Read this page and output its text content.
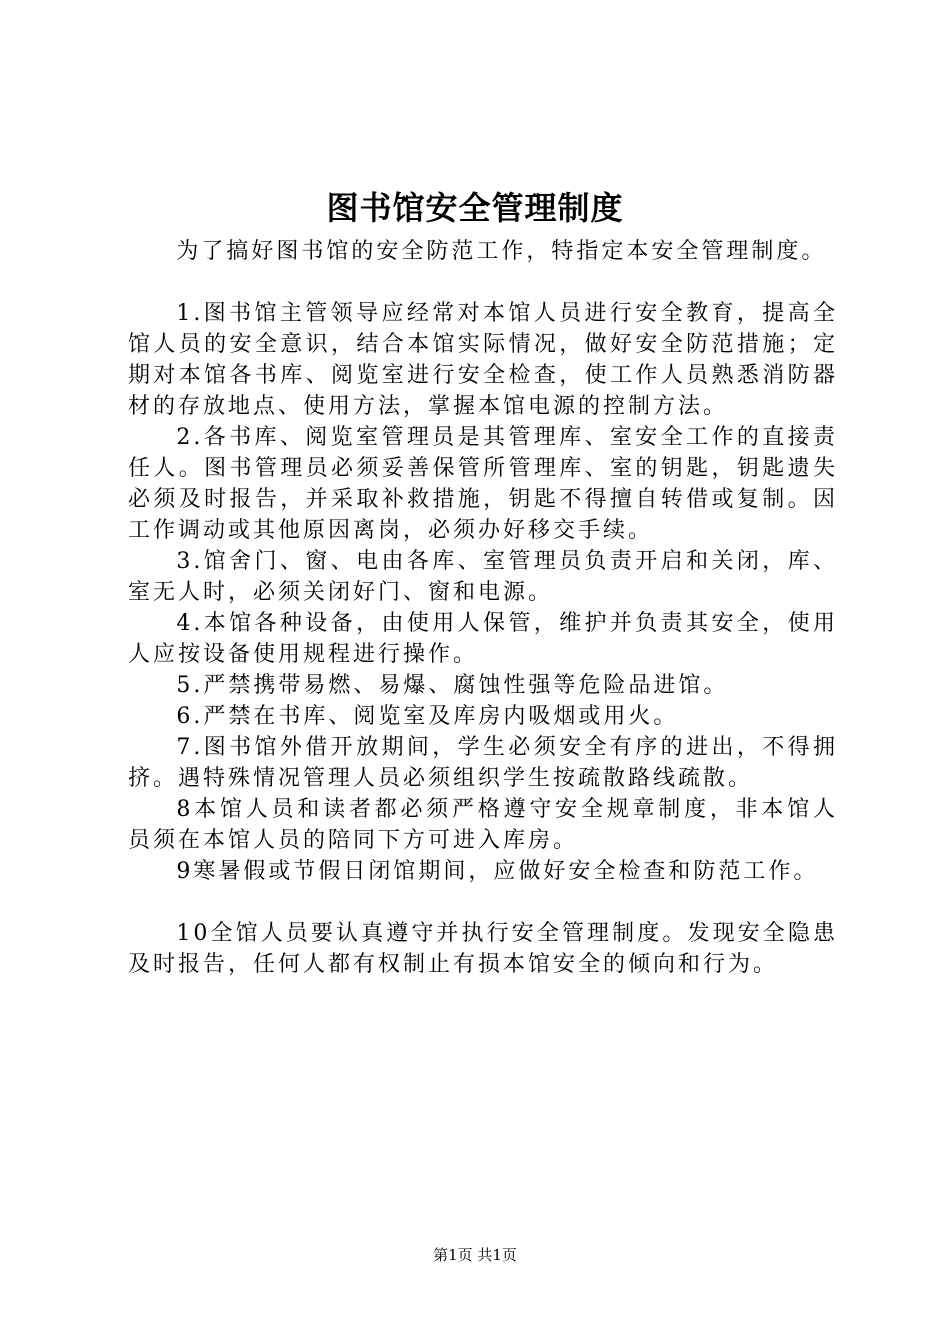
图书馆安全管理制度

为了搞好图书馆的安全防范工作，特指定本安全管理制度。

1.图书馆主管领导应经常对本馆人员进行安全教育，提高全馆人员的安全意识，结合本馆实际情况，做好安全防范措施；定期对本馆各书库、阅览室进行安全检查，使工作人员熟悉消防器材的存放地点、使用方法，掌握本馆电源的控制方法。

2.各书库、阅览室管理员是其管理库、室安全工作的直接责任人。图书管理员必须妥善保管所管理库、室的钥匙，钥匙遗失必须及时报告，并采取补救措施，钥匙不得擅自转借或复制。因工作调动或其他原因离岗，必须办好移交手续。

3.馆舍门、窗、电由各库、室管理员负责开启和关闭，库、室无人时，必须关闭好门、窗和电源。

4.本馆各种设备，由使用人保管，维护并负责其安全，使用人应按设备使用规程进行操作。

5.严禁携带易燃、易爆、腐蚀性强等危险品进馆。

6.严禁在书库、阅览室及库房内吸烟或用火。

7.图书馆外借开放期间，学生必须安全有序的进出，不得拥挤。遇特殊情况管理人员必须组织学生按疏散路线疏散。

8本馆人员和读者都必须严格遵守安全规章制度，非本馆人员须在本馆人员的陪同下方可进入库房。

9寒暑假或节假日闭馆期间，应做好安全检查和防范工作。

10全馆人员要认真遵守并执行安全管理制度。发现安全隐患及时报告，任何人都有权制止有损本馆安全的倾向和行为。

第1页 共1页
